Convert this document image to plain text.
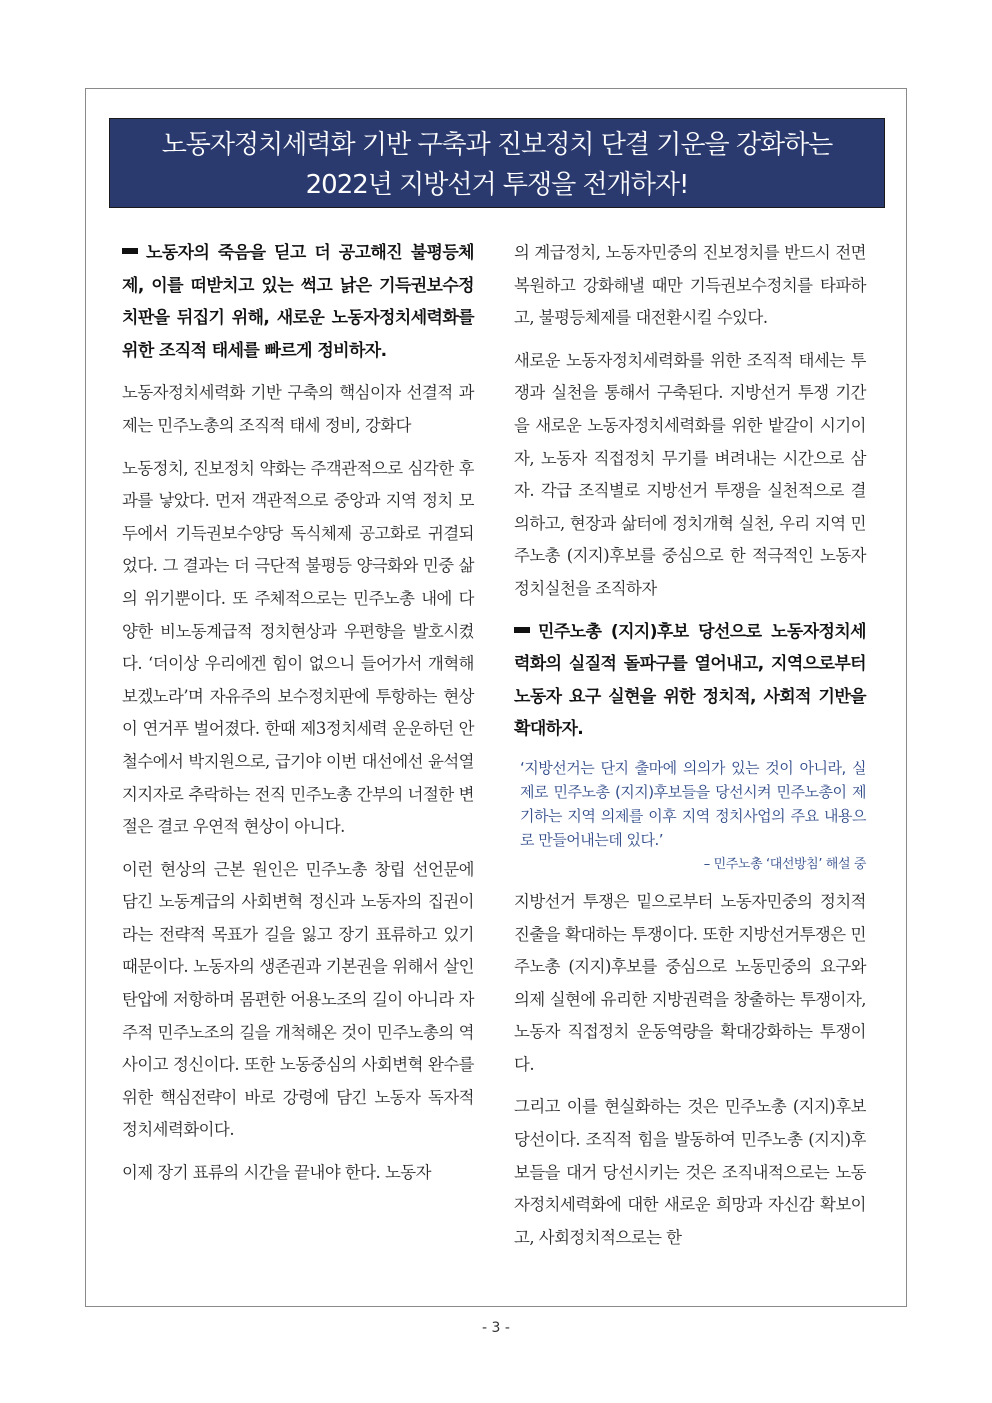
노동자정치세력화 기반 구축과 진보정치 단결 기운을 강화하는
2022년 지방선거 투쟁을 전개하자!

노동자의 죽음을 딛고 더 공고해진 불평등체제, 이를 떠받치고 있는 썩고 낡은 기득권보수정치판을 뒤집기 위해, 새로운 노동자정치세력화를 위한 조직적 태세를 빠르게 정비하자.

노동자정치세력화 기반 구축의 핵심이자 선결적 과제는 민주노총의 조직적 태세 정비, 강화다

노동정치, 진보정치 약화는 주객관적으로 심각한 후과를 낳았다. 먼저 객관적으로 중앙과 지역 정치 모두에서 기득권보수양당 독식체제 공고화로 귀결되었다. 그 결과는 더 극단적 불평등 양극화와 민중 삶의 위기뿐이다. 또 주체적으로는 민주노총 내에 다양한 비노동계급적 정치현상과 우편향을 발호시켰다. ‘더이상 우리에겐 힘이 없으니 들어가서 개혁해보겠노라’며 자유주의 보수정치판에 투항하는 현상이 연거푸 벌어졌다. 한때 제3정치세력 운운하던 안철수에서 박지원으로, 급기야 이번 대선에선 윤석열 지지자로 추락하는 전직 민주노총 간부의 너절한 변절은 결코 우연적 현상이 아니다.

이런 현상의 근본 원인은 민주노총 창립 선언문에 담긴 노동계급의 사회변혁 정신과 노동자의 집권이라는 전략적 목표가 길을 잃고 장기 표류하고 있기 때문이다. 노동자의 생존권과 기본권을 위해서 살인탄압에 저항하며 몸편한 어용노조의 길이 아니라 자주적 민주노조의 길을 개척해온 것이 민주노총의 역사이고 정신이다. 또한 노동중심의 사회변혁 완수를 위한 핵심전략이 바로 강령에 담긴 노동자 독자적 정치세력화이다.

이제 장기 표류의 시간을 끝내야 한다. 노동자

의 계급정치, 노동자민중의 진보정치를 반드시 전면 복원하고 강화해낼 때만 기득권보수정치를 타파하고, 불평등체제를 대전환시킬 수있다.

새로운 노동자정치세력화를 위한 조직적 태세는 투쟁과 실천을 통해서 구축된다. 지방선거 투쟁 기간을 새로운 노동자정치세력화를 위한 밭갈이 시기이자, 노동자 직접정치 무기를 벼려내는 시간으로 삼자. 각급 조직별로 지방선거 투쟁을 실천적으로 결의하고, 현장과 삶터에 정치개혁 실천, 우리 지역 민주노총 (지지)후보를 중심으로 한 적극적인 노동자 정치실천을 조직하자

민주노총 (지지)후보 당선으로 노동자정치세력화의 실질적 돌파구를 열어내고, 지역으로부터 노동자 요구 실현을 위한 정치적, 사회적 기반을 확대하자.

‘지방선거는 단지 출마에 의의가 있는 것이 아니라, 실제로 민주노총 (지지)후보들을 당선시켜 민주노총이 제기하는 지역 의제를 이후 지역 정치사업의 주요 내용으로 만들어내는데 있다.’

– 민주노총 ‘대선방침’ 해설 중

지방선거 투쟁은 밑으로부터 노동자민중의 정치적 진출을 확대하는 투쟁이다. 또한 지방선거투쟁은 민주노총 (지지)후보를 중심으로 노동민중의 요구와 의제 실현에 유리한 지방권력을 창출하는 투쟁이자, 노동자 직접정치 운동역량을 확대강화하는 투쟁이다.

그리고 이를 현실화하는 것은 민주노총 (지지)후보 당선이다. 조직적 힘을 발동하여 민주노총 (지지)후보들을 대거 당선시키는 것은 조직내적으로는 노동자정치세력화에 대한 새로운 희망과 자신감 확보이고, 사회정치적으로는 한

- 3 -
